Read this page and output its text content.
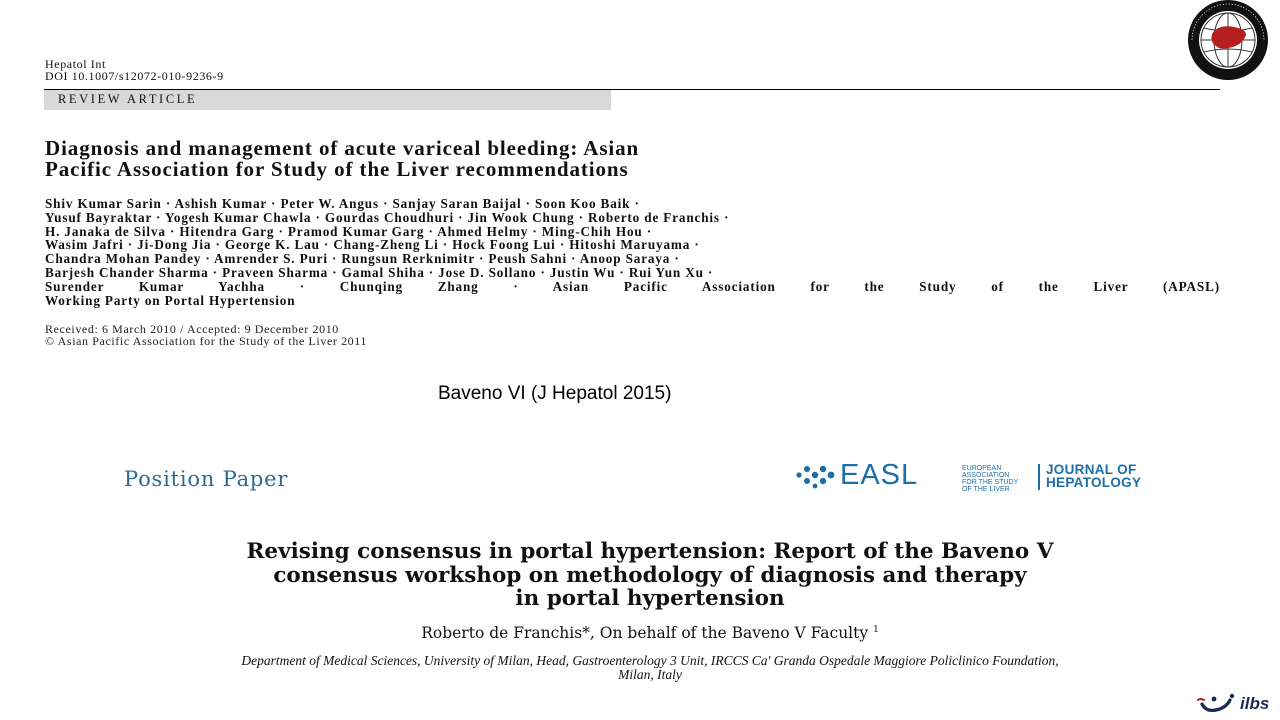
Hepatol Int
DOI 10.1007/s12072-010-9236-9
REVIEW ARTICLE
Diagnosis and management of acute variceal bleeding: Asian
Pacific Association for Study of the Liver recommendations
Shiv Kumar Sarin · Ashish Kumar · Peter W. Angus · Sanjay Saran Baijal · Soon Koo Baik ·
Yusuf Bayraktar · Yogesh Kumar Chawla · Gourdas Choudhuri · Jin Wook Chung · Roberto de Franchis ·
H. Janaka de Silva · Hitendra Garg · Pramod Kumar Garg · Ahmed Helmy · Ming-Chih Hou ·
Wasim Jafri · Ji-Dong Jia · George K. Lau · Chang-Zheng Li · Hock Foong Lui · Hitoshi Maruyama ·
Chandra Mohan Pandey · Amrender S. Puri · Rungsun Rerknimitr · Peush Sahni · Anoop Saraya ·
Barjesh Chander Sharma · Praveen Sharma · Gamal Shiha · Jose D. Sollano · Justin Wu · Rui Yun Xu ·
Surender Kumar Yachha · Chunqing Zhang · Asian Pacific Association for the Study of the Liver (APASL)
Working Party on Portal Hypertension
Received: 6 March 2010 / Accepted: 9 December 2010
© Asian Pacific Association for the Study of the Liver 2011
Baveno VI (J Hepatol 2015)
Position Paper	EASL	EUROPEAN
ASSOCIATION
FOR THE STUDY
OF THE LIVER
JOURNAL OF
HEPATOLOGY
Revising consensus in portal hypertension: Report of the Baveno V
consensus workshop on methodology of diagnosis and therapy
in portal hypertension
Roberto de Franchis*, On behalf of the Baveno V Faculty $^1$
Department of Medical Sciences, University of Milan, Head, Gastroenterology 3 Unit, IRCCS Ca' Granda Ospedale Maggiore Policlinico Foundation,
Milan, Italy
ilbs
